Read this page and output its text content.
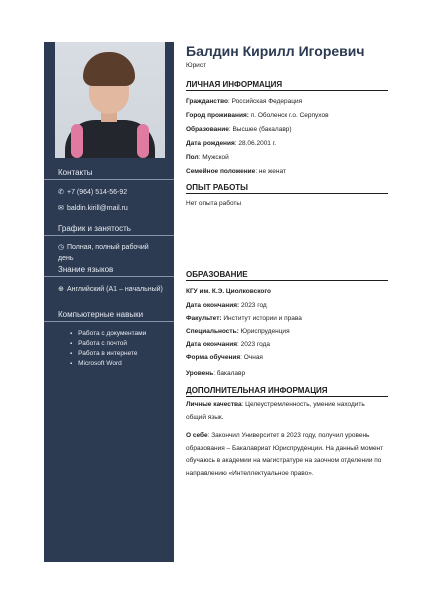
Контакты
✆ +7 (964) 514-56-92
✉ baldin.kirill@mail.ru
График и занятость
◷ Полная, полный рабочий день
Знание языков
⊕ Английский (A1 – начальный)
Компьютерные навыки
▪ Работа с документами
▪ Работа с почтой
▪ Работа в интернете
▪ Microsoft Word
Балдин Кирилл Игоревич
Юрист
ЛИЧНАЯ ИНФОРМАЦИЯ
Гражданство: Российская Федерация
Город проживания: п. Оболенск г.о. Серпухов
Образование: Высшее (бакалавр)
Дата рождения: 28.06.2001 г.
Пол: Мужской
Семейное положение: не женат
ОПЫТ РАБОТЫ
Нет опыта работы
ОБРАЗОВАНИЕ
КГУ им. К.Э. Циолковского
Дата окончания: 2023 год
Факультет: Институт истории и права
Специальность: Юриспруденция
Дата окончания: 2023 года
Форма обучения: Очная
Уровень: бакалавр
ДОПОЛНИТЕЛЬНАЯ ИНФОРМАЦИЯ
Личные качества: Целеустремленность, умение находить общий язык.
О себе: Закончил Университет в 2023 году, получил уровень образования – Бакалавриат Юриспруденции. На данный момент обучаюсь в академии на магистратуре на заочном отделении по направлению «Интеллектуальное право».
